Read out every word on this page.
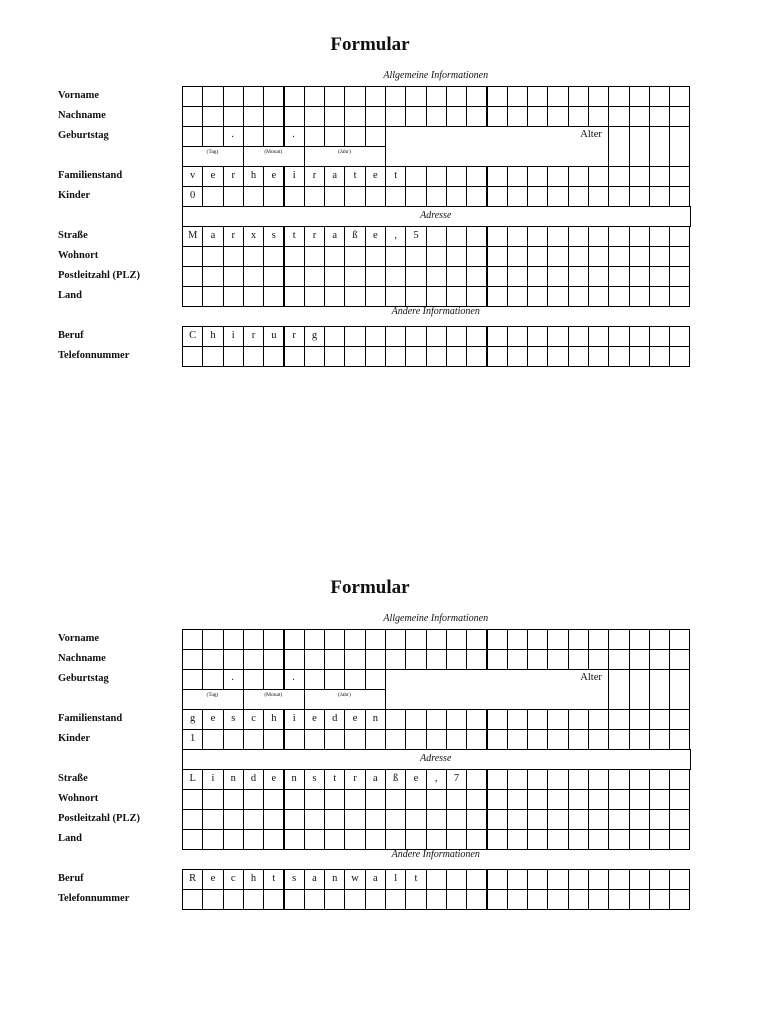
Formular
Allgemeine Informationen
Vorname
Nachname
Geburtstag	.	.
(Tag)	(Monat)	(Jahr)
Alter
Familienstand	v	e	r	h	e	i	r	a	t	e	t
Kinder	0
Adresse
Straße	M	a	r	x	s	t	r	a	ß	e	,	5
Wohnort
Postleitzahl (PLZ)
Land
Andere Informationen
Beruf	C	h	i	r	u	r	g
Telefonnummer
Formular
Allgemeine Informationen
Vorname
Nachname
Geburtstag	.	.
(Tag)	(Monat)	(Jahr)
Alter
Familienstand	g	e	s	c	h	i	e	d	e	n
Kinder	1
Adresse
Straße	L	i	n	d	e	n	s	t	r	a	ß	e	,	7
Wohnort
Postleitzahl (PLZ)
Land
Andere Informationen
Beruf	R	e	c	h	t	s	a	n	w	a	l	t
Telefonnummer
